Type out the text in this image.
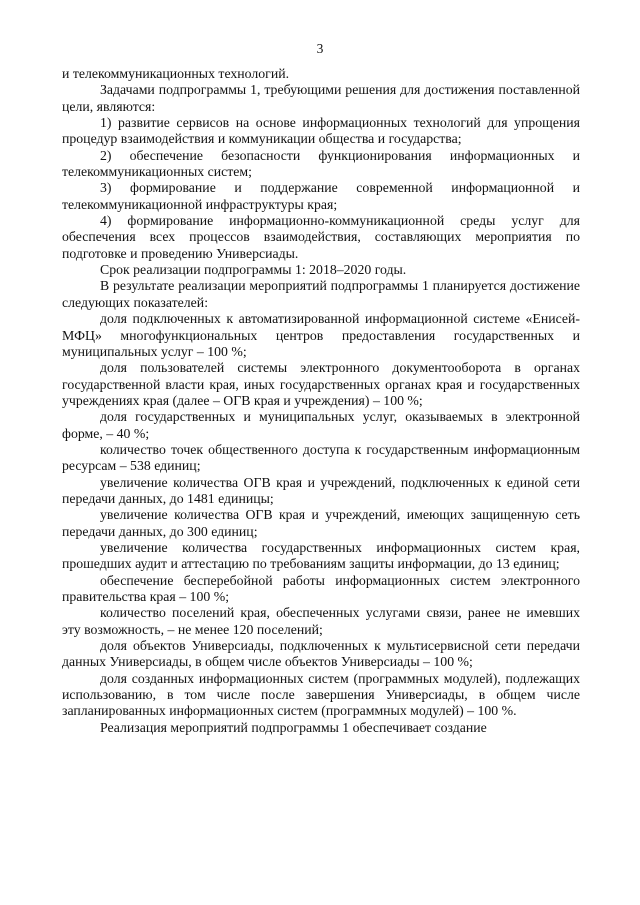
3

и телекоммуникационных технологий.

Задачами подпрограммы 1, требующими решения для достижения поставленной цели, являются:

1) развитие сервисов на основе информационных технологий для упрощения процедур взаимодействия и коммуникации общества и государства;

2) обеспечение безопасности функционирования информационных и телекоммуникационных систем;

3) формирование и поддержание современной информационной и телекоммуникационной инфраструктуры края;

4) формирование информационно-коммуникационной среды услуг для обеспечения всех процессов взаимодействия, составляющих мероприятия по подготовке и проведению Универсиады.

Срок реализации подпрограммы 1: 2018–2020 годы.

В результате реализации мероприятий подпрограммы 1 планируется достижение следующих показателей:

доля подключенных к автоматизированной информационной системе «Енисей-МФЦ» многофункциональных центров предоставления государственных и муниципальных услуг – 100 %;

доля пользователей системы электронного документооборота в органах государственной власти края, иных государственных органах края и государственных учреждениях края (далее – ОГВ края и учреждения) – 100 %;

доля государственных и муниципальных услуг, оказываемых в электронной форме, – 40 %;

количество точек общественного доступа к государственным информационным ресурсам – 538 единиц;

увеличение количества ОГВ края и учреждений, подключенных к единой сети передачи данных, до 1481 единицы;

увеличение количества ОГВ края и учреждений, имеющих защищенную сеть передачи данных, до 300 единиц;

увеличение количества государственных информационных систем края, прошедших аудит и аттестацию по требованиям защиты информации, до 13 единиц;

обеспечение бесперебойной работы информационных систем электронного правительства края – 100 %;

количество поселений края, обеспеченных услугами связи, ранее не имевших эту возможность, – не менее 120 поселений;

доля объектов Универсиады, подключенных к мультисервисной сети передачи данных Универсиады, в общем числе объектов Универсиады – 100 %;

доля созданных информационных систем (программных модулей), подлежащих использованию, в том числе после завершения Универсиады, в общем числе запланированных информационных систем (программных модулей) – 100 %.

Реализация мероприятий подпрограммы 1 обеспечивает создание
